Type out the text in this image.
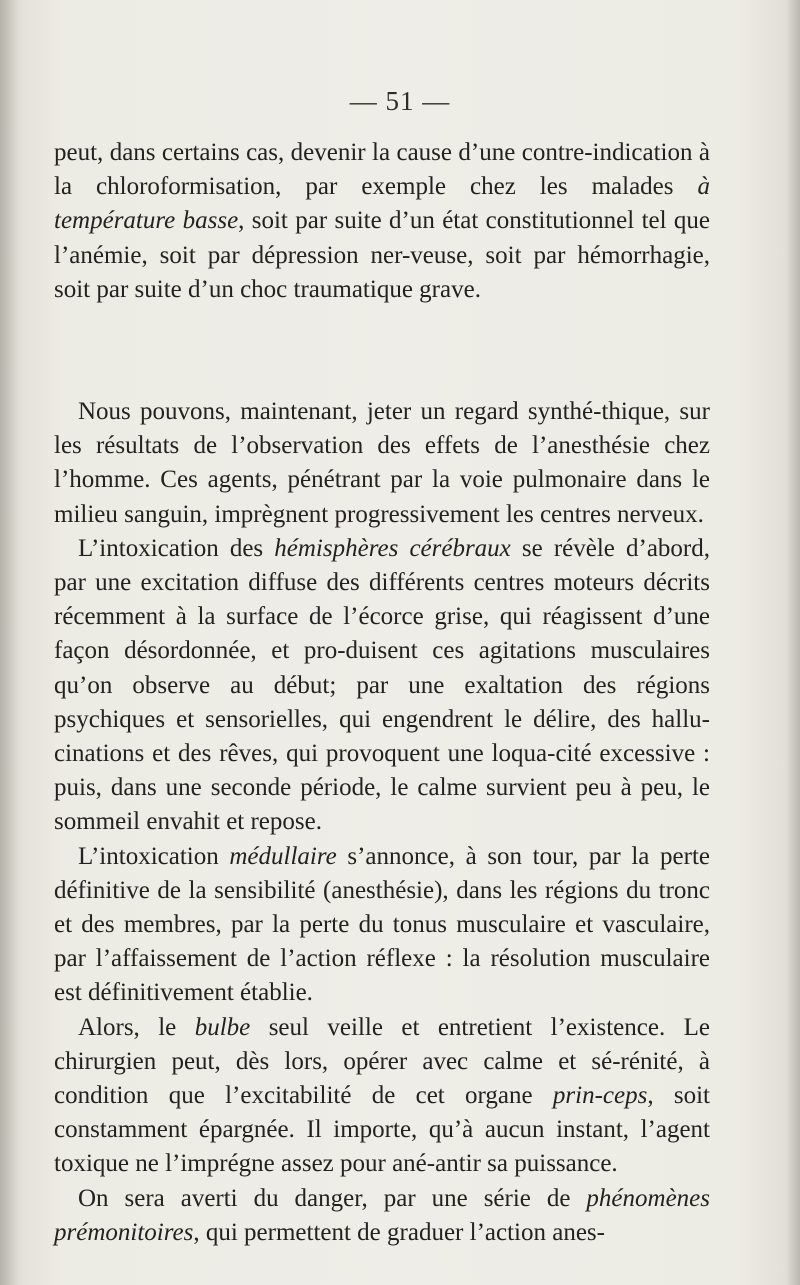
— 51 —

peut, dans certains cas, devenir la cause d’une contre-indication à la chloroformisation, par exemple chez les malades à température basse, soit par suite d’un état constitutionnel tel que l’anémie, soit par dépression ner-veuse, soit par hémorrhagie, soit par suite d’un choc traumatique grave.

Nous pouvons, maintenant, jeter un regard synthé-thique, sur les résultats de l’observation des effets de l’anesthésie chez l’homme. Ces agents, pénétrant par la voie pulmonaire dans le milieu sanguin, imprègnent progressivement les centres nerveux.

L’intoxication des hémisphères cérébraux se révèle d’abord, par une excitation diffuse des différents centres moteurs décrits récemment à la surface de l’écorce grise, qui réagissent d’une façon désordonnée, et pro-duisent ces agitations musculaires qu’on observe au début; par une exaltation des régions psychiques et sensorielles, qui engendrent le délire, des hallu-cinations et des rêves, qui provoquent une loqua-cité excessive : puis, dans une seconde période, le calme survient peu à peu, le sommeil envahit et repose.

L’intoxication médullaire s’annonce, à son tour, par la perte définitive de la sensibilité (anesthésie), dans les régions du tronc et des membres, par la perte du tonus musculaire et vasculaire, par l’affaissement de l’action réflexe : la résolution musculaire est définitivement établie.

Alors, le bulbe seul veille et entretient l’existence. Le chirurgien peut, dès lors, opérer avec calme et sé-rénité, à condition que l’excitabilité de cet organe prin-ceps, soit constamment épargnée. Il importe, qu’à aucun instant, l’agent toxique ne l’imprégne assez pour ané-antir sa puissance.

On sera averti du danger, par une série de phénomènes prémonitoires, qui permettent de graduer l’action anes-
